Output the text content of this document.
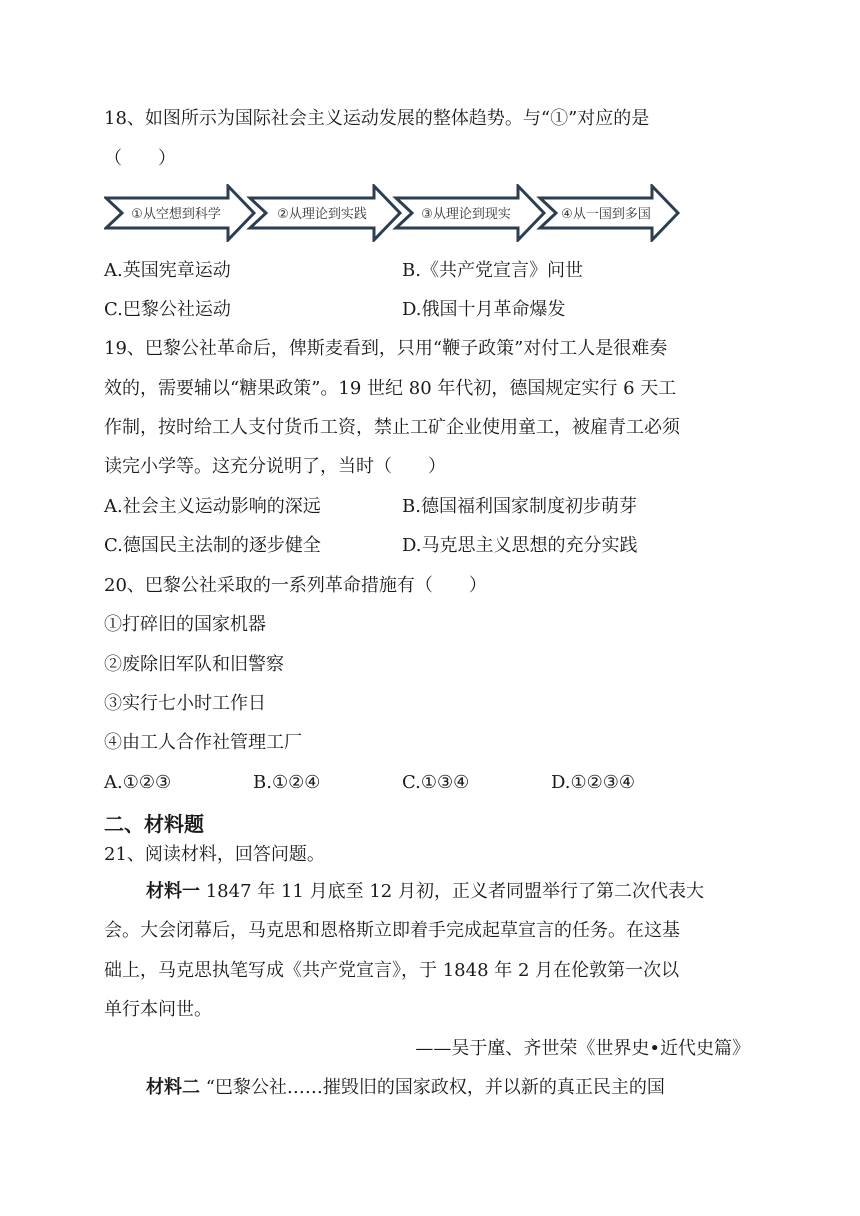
18、如图所示为国际社会主义运动发展的整体趋势。与“①”对应的是
（　　）
①从空想到科学	②从理论到实践	③从理论到现实	④从一国到多国
A.英国宪章运动	B.《共产党宣言》问世
C.巴黎公社运动	D.俄国十月革命爆发
19、巴黎公社革命后，俾斯麦看到，只用“鞭子政策”对付工人是很难奏
效的，需要辅以“糖果政策”。19 世纪 80 年代初，德国规定实行 6 天工
作制，按时给工人支付货币工资，禁止工矿企业使用童工，被雇青工必须
读完小学等。这充分说明了，当时（　　）
A.社会主义运动影响的深远	B.德国福利国家制度初步萌芽
C.德国民主法制的逐步健全	D.马克思主义思想的充分实践
20、巴黎公社采取的一系列革命措施有（　　）
①打碎旧的国家机器
②废除旧军队和旧警察
③实行七小时工作日
④由工人合作社管理工厂
A.①②③	B.①②④	C.①③④	D.①②③④
二、材料题
21、阅读材料，回答问题。
材料一 1847 年 11 月底至 12 月初，正义者同盟举行了第二次代表大
会。大会闭幕后，马克思和恩格斯立即着手完成起草宣言的任务。在这基
础上，马克思执笔写成《共产党宣言》，于 1848 年 2 月在伦敦第一次以
单行本问世。
——吴于廑、齐世荣《世界史•近代史篇》
材料二 “巴黎公社……摧毁旧的国家政权，并以新的真正民主的国
